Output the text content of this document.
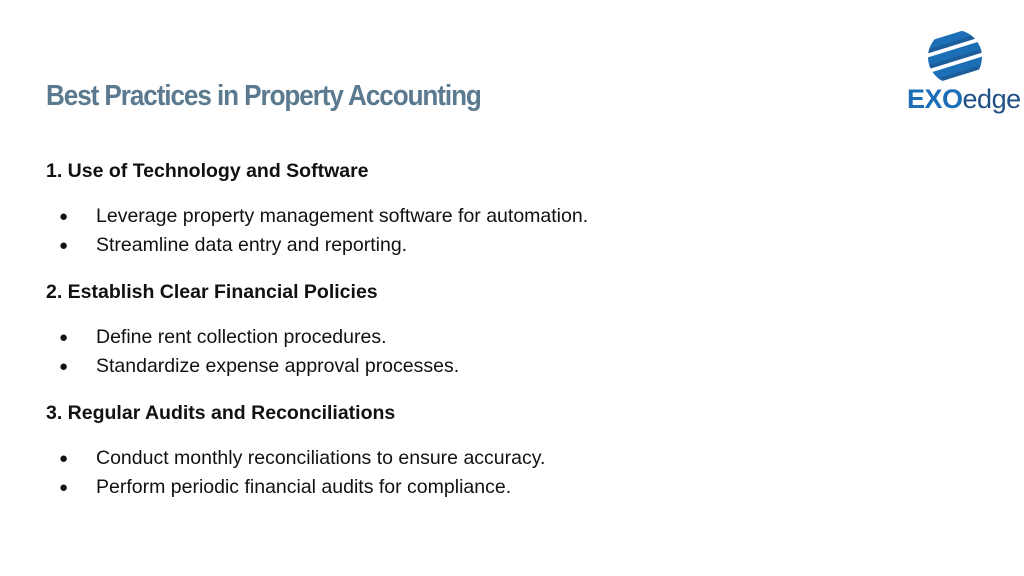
Best Practices in Property Accounting	EXOedge
1. Use of Technology and Software
● Leverage property management software for automation.
● Streamline data entry and reporting.
2. Establish Clear Financial Policies
● Define rent collection procedures.
● Standardize expense approval processes.
3. Regular Audits and Reconciliations
● Conduct monthly reconciliations to ensure accuracy.
● Perform periodic financial audits for compliance.
